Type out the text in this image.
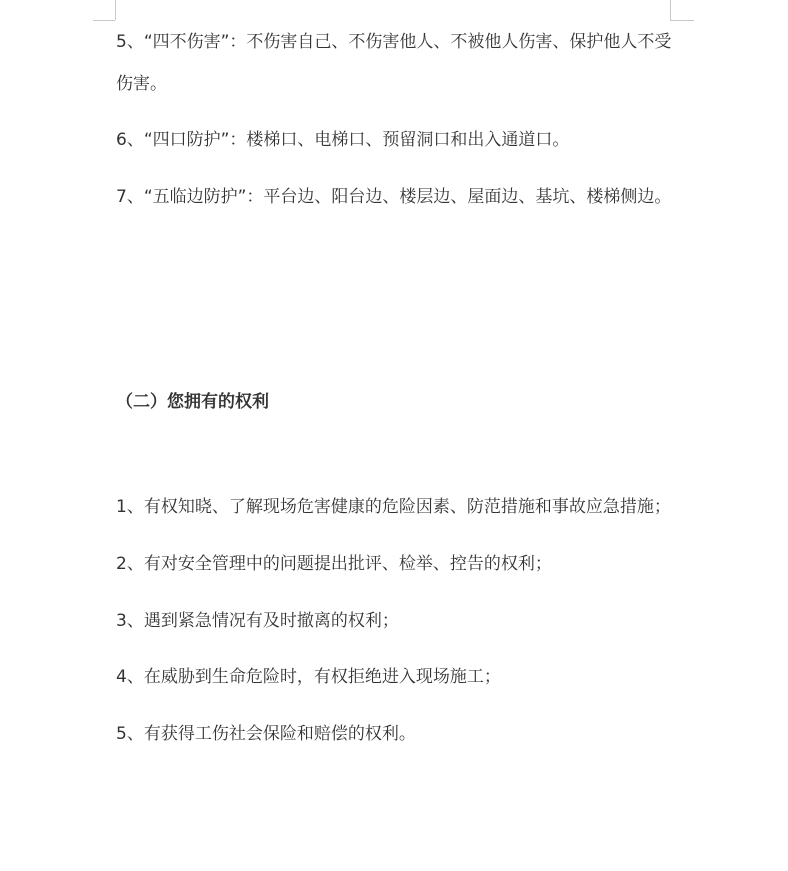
5、“四不伤害”：不伤害自己、不伤害他人、不被他人伤害、保护他人不受伤害。
6、“四口防护”：楼梯口、电梯口、预留洞口和出入通道口。
7、“五临边防护”：平台边、阳台边、楼层边、屋面边、基坑、楼梯侧边。
（二）您拥有的权利
1、有权知晓、了解现场危害健康的危险因素、防范措施和事故应急措施；
2、有对安全管理中的问题提出批评、检举、控告的权利；
3、遇到紧急情况有及时撤离的权利；
4、在威胁到生命危险时，有权拒绝进入现场施工；
5、有获得工伤社会保险和赔偿的权利。
